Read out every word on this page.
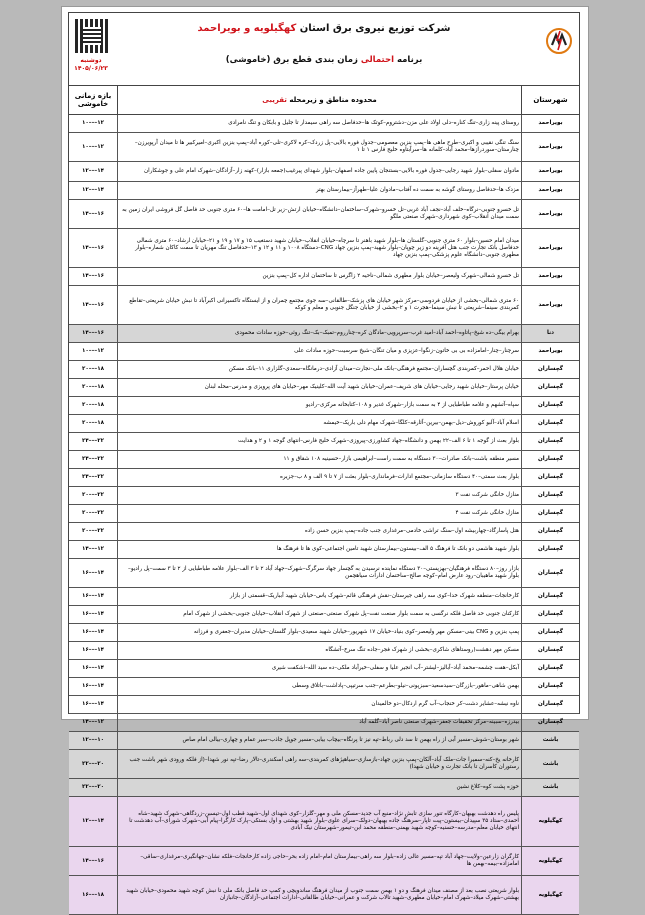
شرکت توزیع نیروی برق استان کهگیلویه و بویراحمد
برنامه احتمالی زمان بندی قطع برق (خاموشی)
دوشنبه
۱۴۰۵/۰۶/۲۳
شهرستان
محدوده مناطق و زیرمحله

تقریبی
بازه زمانی خاموشی
بویراحمد
روستای پینه زاری–تنگ کناره–دلی اولاد علی مزن–دشتروم–کوتک ها–حدفاصل سه راهی سیمدار تا جلیل و بابکان و تنگ نامرادی
۱۰–––۱۲
بویراحمد
سنگ تنگی نقیبی و اکبری–طرح ماهی ها–پمپ بنزین معصومی–جدول فوره بالایی–پل زردک–کره لاکری–تلی–کوره آباد–پمپ بنزین اکبری–امیرکبیر ها تا میدان آرپویرزن–چنارستان–سوردرازها–محمد آباد–کلمانه ها–سرآبتاوه خلیج فارس ۱ تا ۱
۱۰–––۱۲
بویراحمد
مادوان سفلی–بلوار شهید رجایی–جدول فوره بالایی–بستنجان پایین جاده اصفهان–بلوار شهدای پیرغیب(جمعه بازار)–کهنه زار–آزادگان–شهرک امام علی و جوشکاران
۱۲–––۱۴
بویراحمد
مزدک ها–حدفاصل روستای گوشه به سمت ده آفتاب–مادوان علیا–طهرآز–بیمارستان بهتر
۱۲–––۱۴
بویراحمد
تل خسرو جنوبی–نرگاه–خلف آباد–نجف آباد غربی–تل خسرو–شهرک–ساختمان–دانشگاه–خیابان ارتش–زیر تل–امامت ها–۶۰ متری جنوبی حد فاصل گل فروشی ایران زمین به سمت میدان انقلاب–کوی شهرداری–شهرک صنعتی ملگو
۱۴–––۱۶
بویراحمد
میدان امام حسین–بلوار ۶۰ متری جنوبی–گلستان ها–بلوار شهید باهنر تا سرچاه–خیابان انقلاب–خیابان شهید دستغیب ۱۵ و ۱۷ و ۱۹ و ۲۱–خیابان ارشاد–۶۰ متری شمالی حدفاصل بانک تجارت جنب هتل آفرینه دو زیر چوپان–بلوار شهید–پمپ بنزین جهاد CNG–دستگاه ۱۰۰۸ و ۱۱ و ۱۲ و ۱۳–حدفاصل تنگ مهریان تا سمت کاکان شماره–بلوار مطهری جنوبی–دانشگاه علوم پزشکی–پمپ بنزین جهاد
۱۴–––۱۶
بویراحمد
تل خسرو شمالی–شهرک ولیعصر–خیابان بلوار مطهری شمالی–ناحیه ۲ زاگرس تا ساختمان اداره کل–پمپ بنزین
۱۴–––۱۶
بویراحمد
۶۰ متری شمالی–بخشی از خیابان فردوسی–مرکز شهر خیابان های پزشک–طالقانی–سه جوی مجتمع چمران و از ایستگاه تاکسیرانی اکبرآباد تا نبش خیابان شریعتی–تقاطع کمربندی سینما–شریعتی تا نبش سینما–هجرت ۱ و ۲–بخشی از خیابان جنگل جنوبی و معلم و کوکه
۱۴–––۱۶
دنا
بهرام بیگی–ده شیخ–پاتاوه–احمد آباد–امید غرب–سرپرویی–مادگان کره–چنارروم–تمبک–بک–تنگ روئی–حوزه سادات محمودی
۱۴–––۱۶
بویراحمد
سرچنار–چنار–امامزاده بی بی خاتون–زنگوا–عزیزی و میان تنگان–شیخ سرسیت–حوزه سادات علی
۱۰–––۱۲
گچساران
خیابان هلال احمر–کمربندی گچساران–مجتمع فرهنگی–بانک ملی–نجارت–میدان آزادی–درمانگاه–سعدی–گلزاری ۱۱–بانک مسکن
۲۰–––۱۸
گچساران
خیابان پرستار–خیابان شهید رجایی–خیابان های شریف–عمران–خیابان شهید آیت الله–کلینیک مهر–خیابان های پرویزی و مدرس–محله لبنان
۲۰–––۱۸
گچساران
سپاه–آتشهم و علامه طباطبایی از ۴ به سمت بازار–شهرک غدیر و ۱۰۸–کتابخانه مرکزی–رادیو
۲۰–––۱۸
گچساران
اسلام آباد–آلبو کوروش–دیل–بهمن–بیرین–آثارقه–کلگا–شهرک مهام دلی باریک–خیمشه
۲۰–––۱۸
گچساران
بلوار بعث از گوجه ۱ تا ۶ الف–۲۲ بهمن و دانشگاه–جهاد کشاورزی–پیروزی–شهرک خلیج فارس–انتهای گوجه ۱ و ۲ و هدایت
۲۴–––۲۲
گچساران
مسیر منطقه باشت–بانک صادرات–۳۰ دستگاه به سمت راست–ابراهیمی بازار–حسینیه ۱۰۸ شقاق و ۱۱
۲۴–––۲۲
گچساران
بلوار بعث سمتی–۴۰ دستگاه سازمانی–مجتمع ادارات–فرمانداری–بلوار بعثت از ۷ تا ۹ الف و ۸ ب–جزیره
۲۴–––۲۲
گچساران
منازل خانگی شرکت نفت ۳
۲۰–––۲۲
گچساران
منازل خانگی شرکت نفت ۴
۲۰–––۲۲
گچساران
هتل پاسارگاد–چهاربیشه اول–سنگ تراشی خادمی–مرغداری جنب جاده–پمپ بنزین حسن زاده
۲۰–––۲۲
گچساران
بلوار شهید هاشمی دو بانک تا فرهنگ ۵ الف–بیستون–بیمارستان شهید تامین اجتماعی–کوی ها تا فرهنگ ها
۱۴–––۱۲
گچساران
بازار روز–۸۰ دستگاه فرهنگیان–بهزیستی–۳۰ دستگاه نماینده نرسیدن به گچسار جهاد سرگرگ–شهرک–جهاد آباد ۲ تا ۳ الف–بلوار علامه طباطبایی از ۲ تا ۳ سمت–پل رادیو–بلوار شهید ماهیبان–رود عارض امام–کوچه صالح–ساختمان ادارات سیاهچمن
۱۶–––۱۴
گچساران
کارخانجات–منطقه شهرک خدا–کوی سه راهی جیرستان–نقش فرهنگی قائم–شهرک یاس–خیابان شهید آبباریک–قسمتی از بازار
۱۶–––۱۴
گچساران
کارکنان جنوبی حد فاصل فلکه نرگسی به سمت بلوار صنعت نفت–پل شهرک صنعتی–صنعتی از شهرک انقلاب–خیابان جنوبی–بخشی از شهرک امام
۱۶–––۱۴
گچساران
پمپ بنزین و CNG بینی–مسکن مهر ولیعصر–کوی بنیاد–خیابان ۱۷ شهریور–خیابان شهید سعیدی–بلوار گلستان–خیابان مدیران–جعفری و فرزانه
۱۶–––۱۴
گچساران
مسکن مهر دهشت(روستاهای شاکری–بخشی از شهرک فجر–جاده تنگ سرخ–آتشگاه
۱۶–––۱۴
گچساران
آبکل–هفت چشمه–محمد آباد–آبالیز–لیشتر–آب انجیر علیا و سفلی–خیرآباد ملکی–ده سید الله–اشکفت شیری
۱۶–––۱۴
گچساران
بهمن شاهی–ماهور–بازرگان–سیدسعید–سبزپونی–نیلو–بطرعم–جنب سرتیپی–پاداشت–باتلاق وسطی
۱۶–––۱۴
گچساران
ناوه نیشه–عشایر دشت–کر خنجاب–آب گرم اردکال–دو خالمیدان
۱۶–––۱۴
گچساران
بیدرزه–سبینه–مرکز تحقیقات جعفر–شهرک صنعتی ناصر آباد–گلمه آباد
۱۴–––۱۲
باشت
شهر بوستان–شوش–مسیر آبی از راه بهمن تا سد دلی رباط–تپه نیز تا پرنگاه–بیچاب بیابی–مسیر جوپل جاذب–سیر عمام و چهاری–بیالی امام صاص
۱۲–––۱۰
باشت
کارخانه یخ–کنه–سمیرا جات–ملک آباد–آلکان–پمپ بنزین جهاد–بازسازی–سیاهپژهای کمربندی–سه راهی اسکندری–تالار رضا–تپه نور شهدا–(از فلکه ورودی شهر باشت جنب رستوران کاسران تا بانک تجارت و خیابان شهدا)
۲۲–––۲۰
باشت
حوزه پشت کوه–کلاغ نشین
۲۲–––۲۰
کهگیلویه
پلیس راه دهدشت بهبهان–کارگاه تنور سازی تابش نژاد–منبع آب جدید–مسکن ملی و مهر–گلزار–کوی شهدای اول–شهید قطب اول–تیسبن–زردگاهی–شهرک شهید–شاه احمدی–ستاد ۳۵ سپیدان–بیستون–پیت تاپار–سرهنگ جاده بهبهان–دولک–سرای علوی–بلوار شهید بهشتی و اول بستکی–پارک کارگرا–پیام آبی–شهرک شورای–آب دهدشت تا انتهای خیابان معلم–مدرسه–حسنیه–کوچه شهید بهمنی–منطقه محمد ابن–تیمور–شهرستان نیک آبادی
۱۲–––۱۴
کهگیلویه
کارگران زارعین–ولایت–جهاد آباد تپه–مسیر عالی زاده–بلوار سه راهی–بیمارستان امام–امام زاده بحر–حاجی زاده کارخانجات–فلکه نشان–جهانگیری–مرغداری–ساقی–امامزاده–بیمه–بهمن ها
۱۴–––۱۶
کهگیلویه
بلوار شریعتی نصب بعد از مصنف میدان فرهنگ و دو ۱ بهمن سمت جنوب از میدان فرهنگ ساندویچی و کمپ حد فاصل بانک ملی تا نبش کوچه شهید محمودی–خیابان شهید بهشتی–شهرک میلاد–شهرک امام–خیابان مطهری–شهید تالاب شرکت و عمرانی–خیابان طالقانی–ادارات اجتماعی–آزادگان–جانبازان
۱۶–––۱۸
